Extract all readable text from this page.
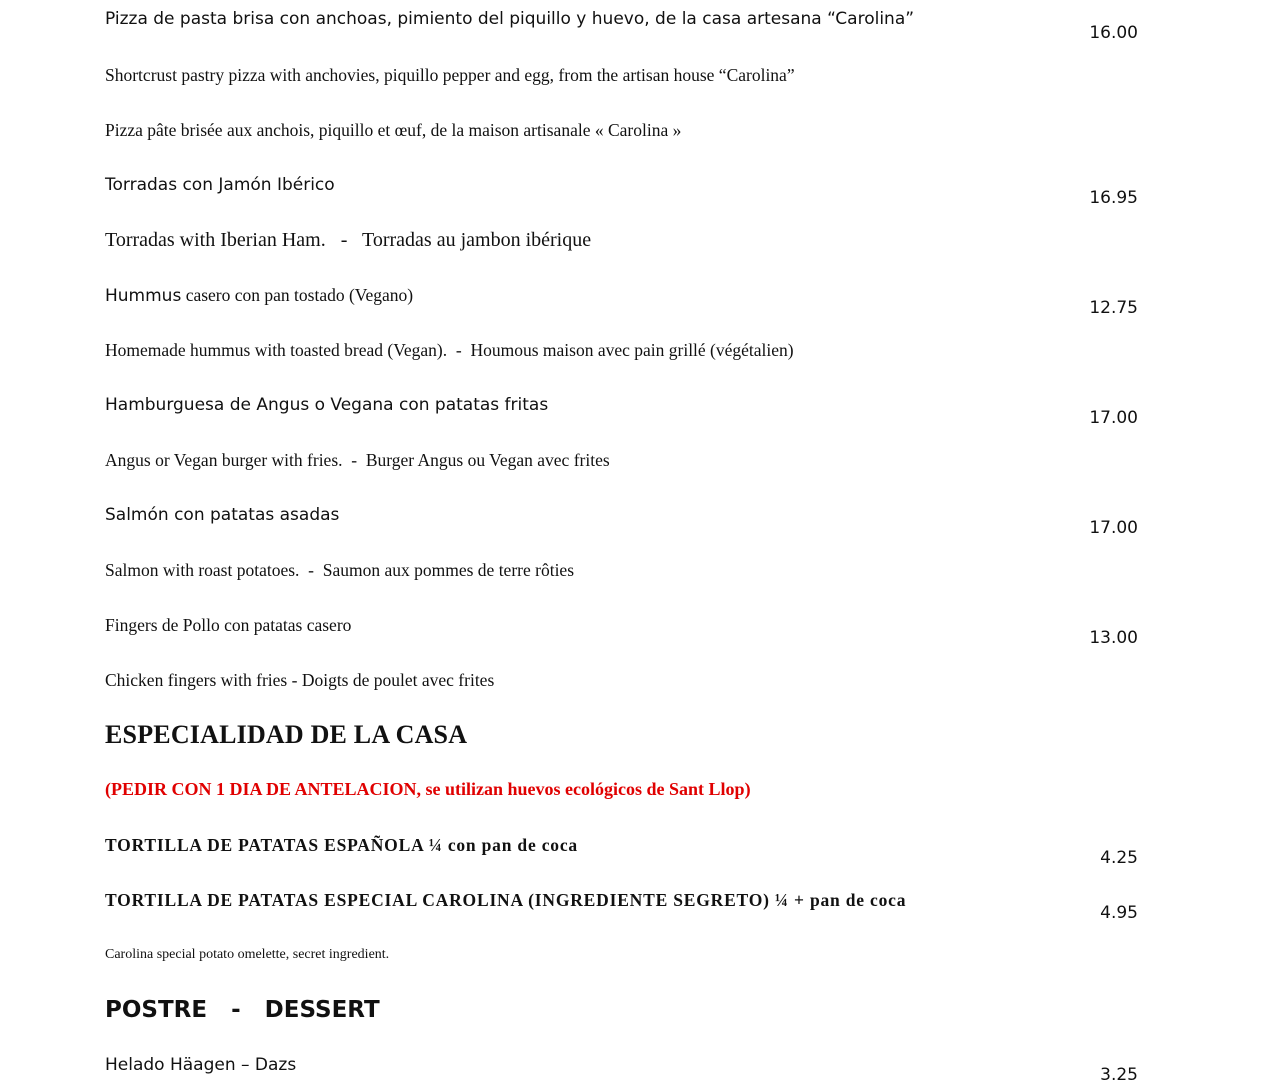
Pizza de pasta brisa con anchoas, pimiento del piquillo y huevo, de la casa artesana “Carolina”
16.00
Shortcrust pastry pizza with anchovies, piquillo pepper and egg, from the artisan house “Carolina”
Pizza pâte brisée aux anchois, piquillo et œuf, de la maison artisanale « Carolina »
Torradas con Jamón Ibérico
16.95
Torradas with Iberian Ham.   -   Torradas au jambon ibérique
Hummus casero con pan tostado (Vegano)
12.75
Homemade hummus with toasted bread (Vegan).  -  Houmous maison avec pain grillé (végétalien)
Hamburguesa de Angus o Vegana con patatas fritas
17.00
Angus or Vegan burger with fries.  -  Burger Angus ou Vegan avec frites
Salmón con patatas asadas
17.00
Salmon with roast potatoes.  -  Saumon aux pommes de terre rôties
Fingers de Pollo con patatas casero
13.00
Chicken fingers with fries - Doigts de poulet avec frites
ESPECIALIDAD DE LA CASA
(PEDIR CON 1 DIA DE ANTELACION, se utilizan huevos ecológicos de Sant Llop)
TORTILLA DE PATATAS ESPAÑOLA ¼ con pan de coca
4.25
TORTILLA DE PATATAS ESPECIAL CAROLINA (INGREDIENTE SEGRETO) ¼ + pan de coca
4.95
Carolina special potato omelette, secret ingredient.
POSTRE   -   DESSERT
Helado Häagen – Dazs	3.25
